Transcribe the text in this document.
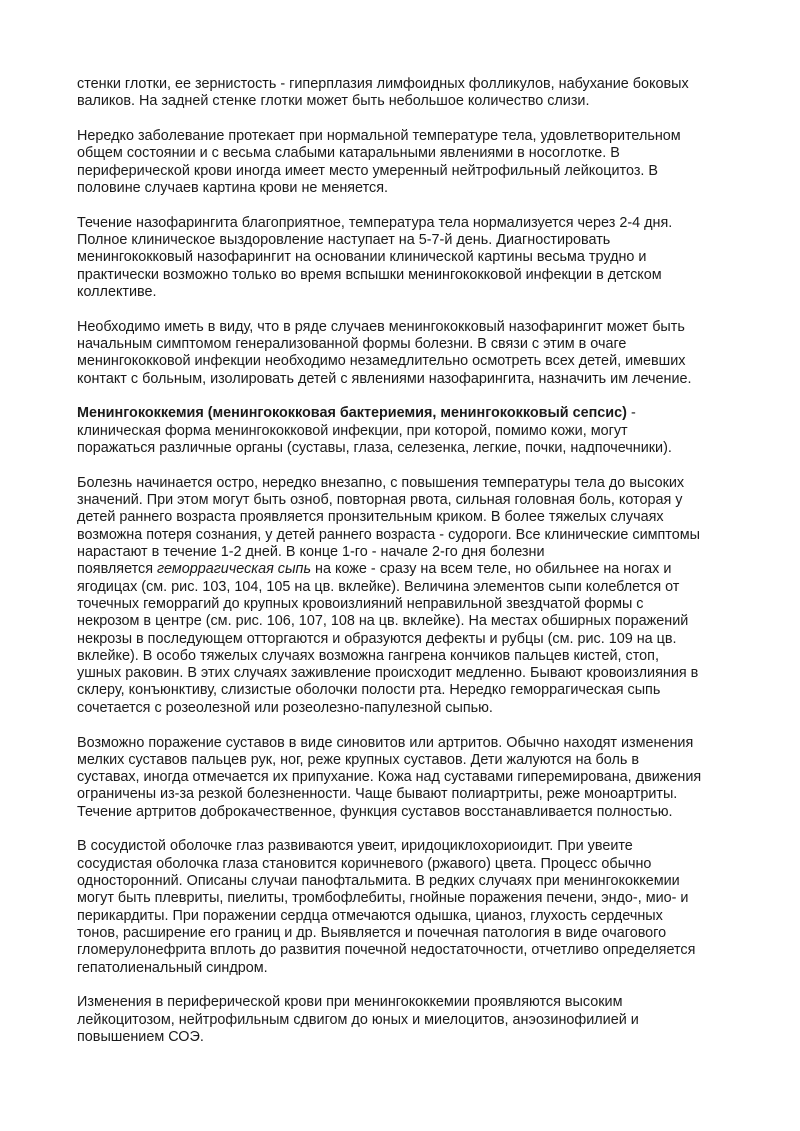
стенки глотки, ее зернистость - гиперплазия лимфоидных фолликулов, набухание боковых
валиков. На задней стенке глотки может быть небольшое количество слизи.

Нередко заболевание протекает при нормальной температуре тела, удовлетворительном
общем состоянии и с весьма слабыми катаральными явлениями в носоглотке. В
периферической крови иногда имеет место умеренный нейтрофильный лейкоцитоз. В
половине случаев картина крови не меняется.

Течение назофарингита благоприятное, температура тела нормализуется через 2-4 дня.
Полное клиническое выздоровление наступает на 5-7-й день. Диагностировать
менингококковый назофарингит на основании клинической картины весьма трудно и
практически возможно только во время вспышки менингококковой инфекции в детском
коллективе.

Необходимо иметь в виду, что в ряде случаев менингококковый назофарингит может быть
начальным симптомом генерализованной формы болезни. В связи с этим в очаге
менингококковой инфекции необходимо незамедлительно осмотреть всех детей, имевших
контакт с больным, изолировать детей с явлениями назофарингита, назначить им лечение.

Менингококкемия (менингококковая бактериемия, менингококковый сепсис) -
клиническая форма менингококковой инфекции, при которой, помимо кожи, могут
поражаться различные органы (суставы, глаза, селезенка, легкие, почки, надпочечники).

Болезнь начинается остро, нередко внезапно, с повышения температуры тела до высоких
значений. При этом могут быть озноб, повторная рвота, сильная головная боль, которая у
детей раннего возраста проявляется пронзительным криком. В более тяжелых случаях
возможна потеря сознания, у детей раннего возраста - судороги. Все клинические симптомы
нарастают в течение 1-2 дней. В конце 1-го - начале 2-го дня болезни
появляется геморрагическая сыпь на коже - сразу на всем теле, но обильнее на ногах и
ягодицах (см. рис. 103, 104, 105 на цв. вклейке). Величина элементов сыпи колеблется от
точечных геморрагий до крупных кровоизлияний неправильной звездчатой формы с
некрозом в центре (см. рис. 106, 107, 108 на цв. вклейке). На местах обширных поражений
некрозы в последующем отторгаются и образуются дефекты и рубцы (см. рис. 109 на цв.
вклейке). В особо тяжелых случаях возможна гангрена кончиков пальцев кистей, стоп,
ушных раковин. В этих случаях заживление происходит медленно. Бывают кровоизлияния в
склеру, конъюнктиву, слизистые оболочки полости рта. Нередко геморрагическая сыпь
сочетается с розеолезной или розеолезно-папулезной сыпью.

Возможно поражение суставов в виде синовитов или артритов. Обычно находят изменения
мелких суставов пальцев рук, ног, реже крупных суставов. Дети жалуются на боль в
суставах, иногда отмечается их припухание. Кожа над суставами гиперемирована, движения
ограничены из-за резкой болезненности. Чаще бывают полиартриты, реже моноартриты.
Течение артритов доброкачественное, функция суставов восстанавливается полностью.

В сосудистой оболочке глаз развиваются увеит, иридоциклохориоидит. При увеите
сосудистая оболочка глаза становится коричневого (ржавого) цвета. Процесс обычно
односторонний. Описаны случаи панофтальмита. В редких случаях при менингококкемии
могут быть плевриты, пиелиты, тромбофлебиты, гнойные поражения печени, эндо-, мио- и
перикардиты. При поражении сердца отмечаются одышка, цианоз, глухость сердечных
тонов, расширение его границ и др. Выявляется и почечная патология в виде очагового
гломерулонефрита вплоть до развития почечной недостаточности, отчетливо определяется
гепатолиенальный синдром.

Изменения в периферической крови при менингококкемии проявляются высоким
лейкоцитозом, нейтрофильным сдвигом до юных и миелоцитов, анэозинофилией и
повышением СОЭ.
